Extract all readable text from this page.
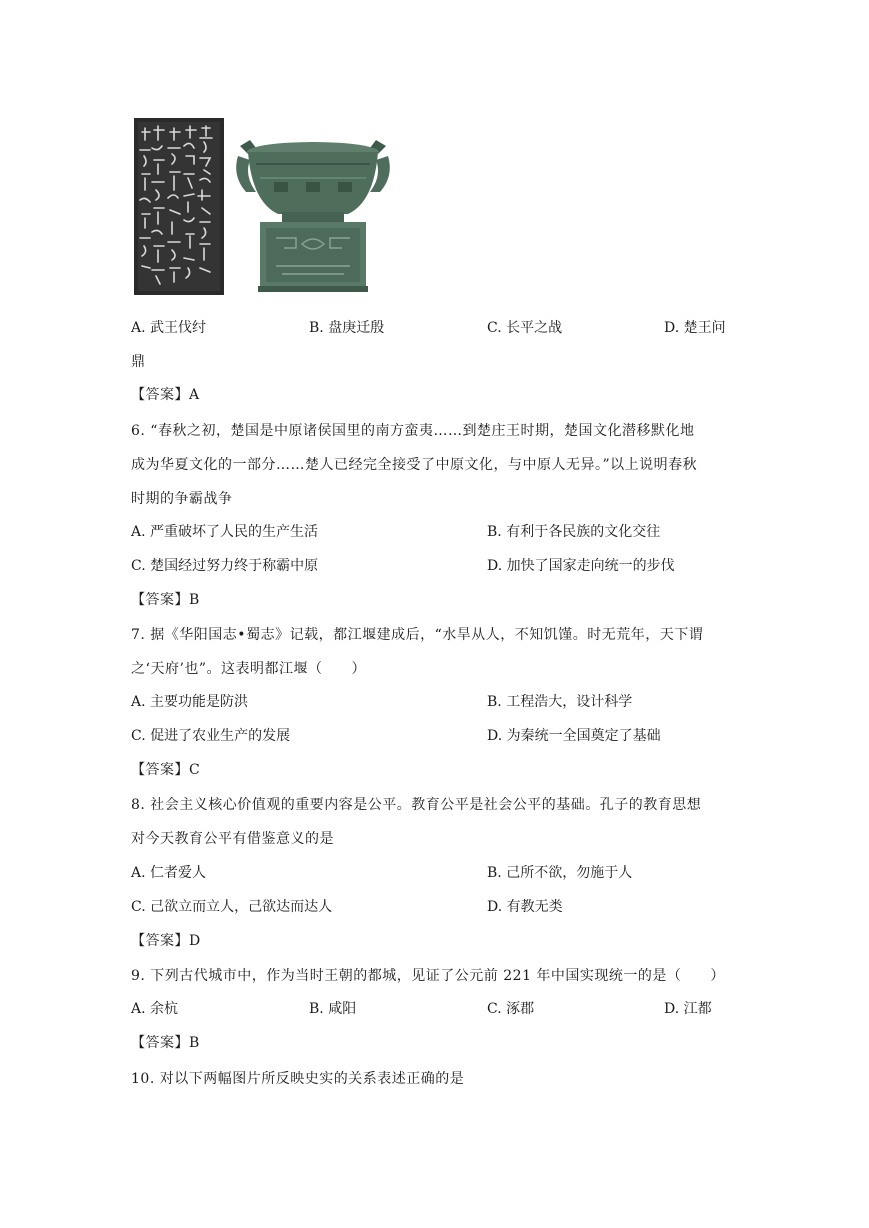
A. 武王伐纣	B. 盘庚迁殷	C. 长平之战	D. 楚王问
鼎
【答案】A
6. “春秋之初，楚国是中原诸侯国里的南方蛮夷……到楚庄王时期，楚国文化潜移默化地
成为华夏文化的一部分……楚人已经完全接受了中原文化，与中原人无异。”以上说明春秋
时期的争霸战争
A. 严重破坏了人民的生产生活	B. 有利于各民族的文化交往
C. 楚国经过努力终于称霸中原	D. 加快了国家走向统一的步伐
【答案】B
7. 据《华阳国志•蜀志》记载，都江堰建成后，“水旱从人，不知饥馑。时无荒年，天下谓
之‘天府’也”。这表明都江堰（　　）
A. 主要功能是防洪	B. 工程浩大，设计科学
C. 促进了农业生产的发展	D. 为秦统一全国奠定了基础
【答案】C
8. 社会主义核心价值观的重要内容是公平。教育公平是社会公平的基础。孔子的教育思想
对今天教育公平有借鉴意义的是
A. 仁者爱人	B. 己所不欲，勿施于人
C. 己欲立而立人，己欲达而达人	D. 有教无类
【答案】D
9. 下列古代城市中，作为当时王朝的都城，见证了公元前 221 年中国实现统一的是（　　）
A. 余杭	B. 咸阳	C. 涿郡	D. 江都
【答案】B
10. 对以下两幅图片所反映史实的关系表述正确的是
